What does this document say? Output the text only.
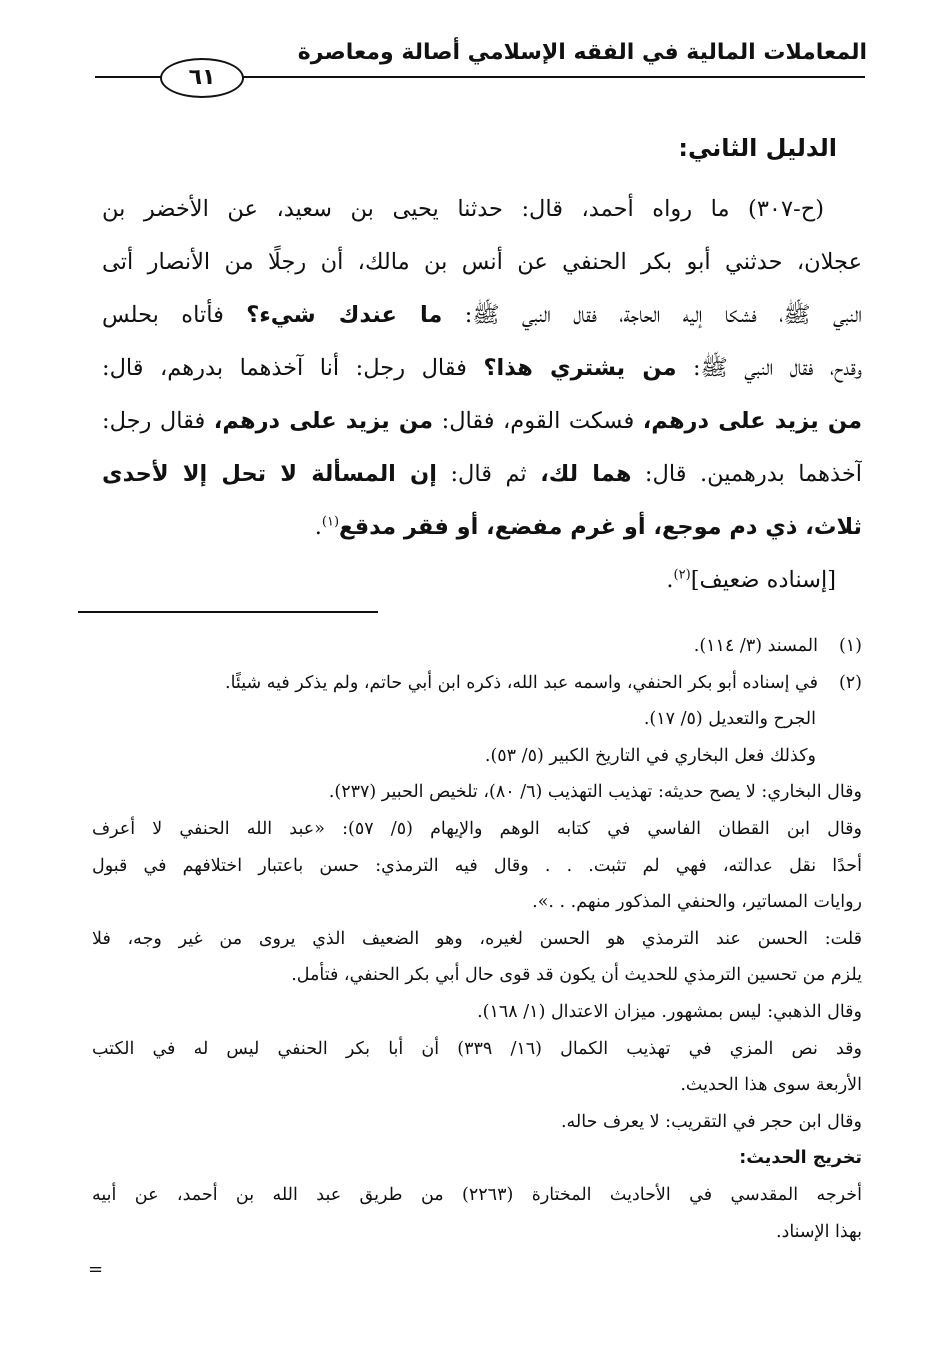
المعاملات المالية في الفقه الإسلامي أصالة ومعاصرة
٦١
الدليل الثاني:
(ح-٣٠٧) ما رواه أحمد، قال: حدثنا يحيى بن سعيد، عن الأخضر بن
عجلان، حدثني أبو بكر الحنفي عن أنس بن مالك، أن رجلًا من الأنصار أتى
النبي ﷺ، فشكا إليه الحاجة، فقال النبي ﷺ: ما عندك شيء؟ فأتاه بحلس
وقدح، فقال النبي ﷺ: من يشتري هذا؟ فقال رجل: أنا آخذهما بدرهم، قال:
من يزيد على درهم، فسكت القوم، فقال: من يزيد على درهم، فقال رجل:
آخذهما بدرهمين. قال: هما لك، ثم قال: إن المسألة لا تحل إلا لأحدى
ثلاث، ذي دم موجع، أو غرم مفضع، أو فقر مدقع$^{(١)}$.
[إسناده ضعيف]$^{(٢)}$.
(١)المسند (٣/ ١١٤).
(٢)في إسناده أبو بكر الحنفي، واسمه عبد الله، ذكره ابن أبي حاتم، ولم يذكر فيه شيئًا.
الجرح والتعديل (٥/ ١٧).
وكذلك فعل البخاري في التاريخ الكبير (٥/ ٥٣).
وقال البخاري: لا يصح حديثه: تهذيب التهذيب (٦/ ٨٠)، تلخيص الحبير (٢٣٧).
وقال ابن القطان الفاسي في كتابه الوهم والإيهام (٥/ ٥٧): «عبد الله الحنفي لا أعرف
أحدًا نقل عدالته، فهي لم تثبت. . . وقال فيه الترمذي: حسن باعتبار اختلافهم في قبول
روايات المساتير، والحنفي المذكور منهم. . .».
قلت: الحسن عند الترمذي هو الحسن لغيره، وهو الضعيف الذي يروى من غير وجه، فلا
يلزم من تحسين الترمذي للحديث أن يكون قد قوى حال أبي بكر الحنفي، فتأمل.
وقال الذهبي: ليس بمشهور. ميزان الاعتدال (١/ ١٦٨).
وقد نص المزي في تهذيب الكمال (١٦/ ٣٣٩) أن أبا بكر الحنفي ليس له في الكتب
الأربعة سوى هذا الحديث.
وقال ابن حجر في التقريب: لا يعرف حاله.
تخريج الحديث:
أخرجه المقدسي في الأحاديث المختارة (٢٢٦٣) من طريق عبد الله بن أحمد، عن أبيه
بهذا الإسناد.
=
